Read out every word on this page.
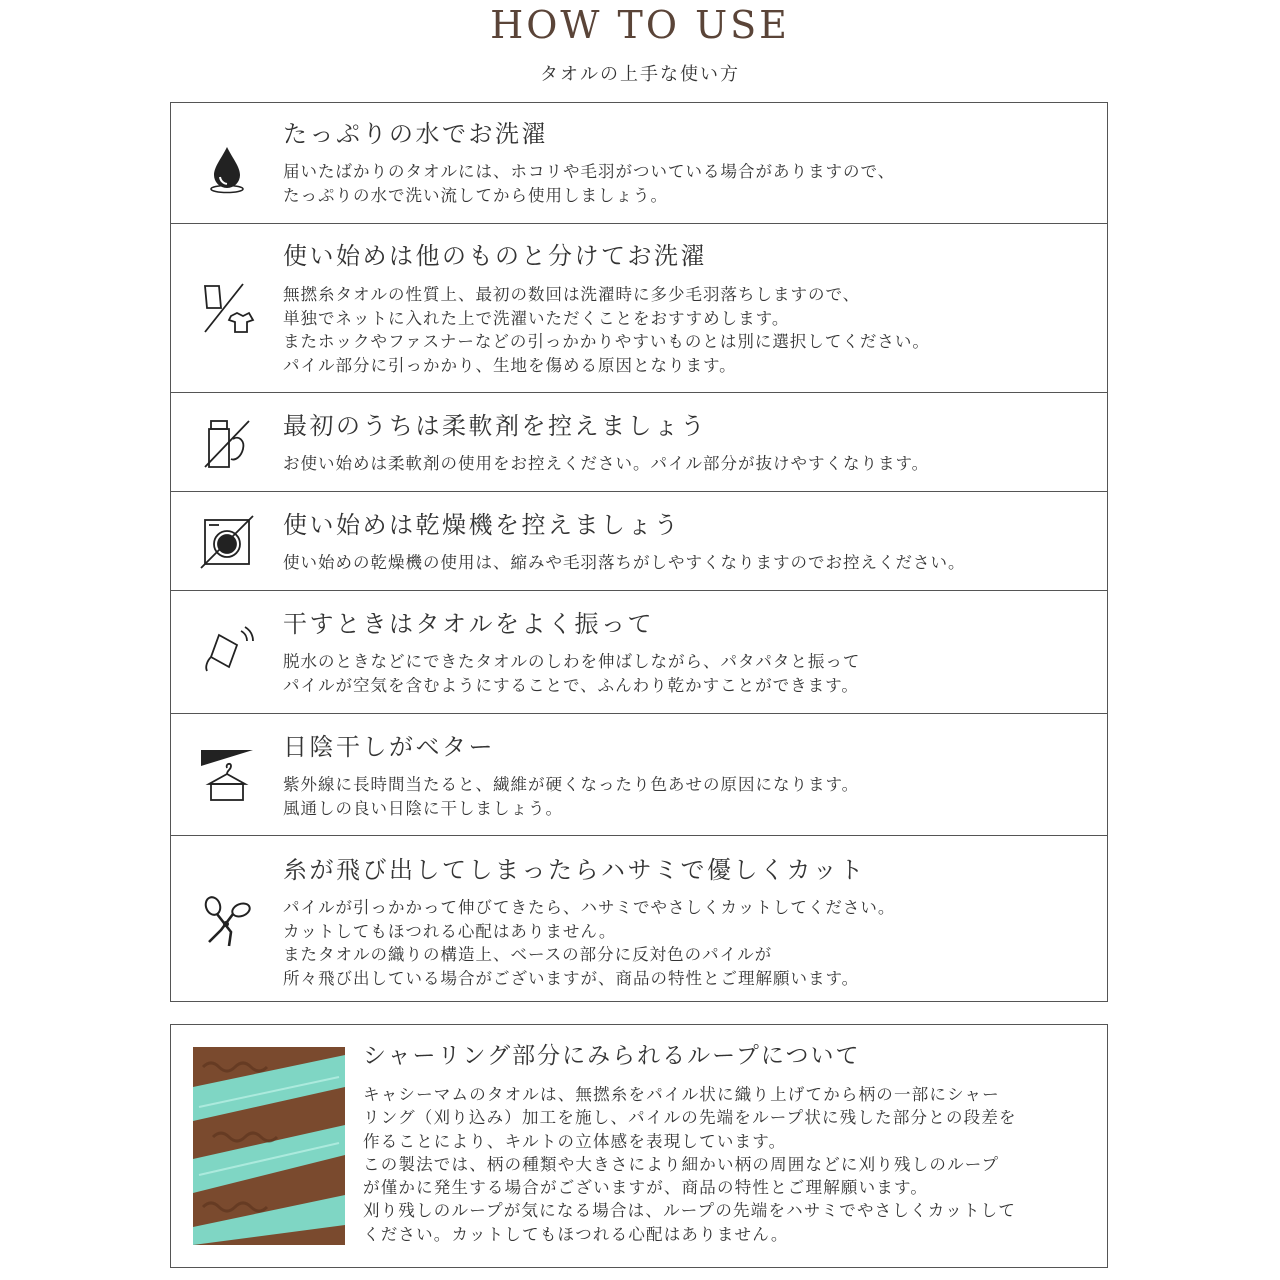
HOW TO USE
タオルの上手な使い方
たっぷりの水でお洗濯
届いたばかりのタオルには、ホコリや毛羽がついている場合がありますので、
たっぷりの水で洗い流してから使用しましょう。
使い始めは他のものと分けてお洗濯
無撚糸タオルの性質上、最初の数回は洗濯時に多少毛羽落ちしますので、
単独でネットに入れた上で洗濯いただくことをおすすめします。
またホックやファスナーなどの引っかかりやすいものとは別に選択してください。
パイル部分に引っかかり、生地を傷める原因となります。
最初のうちは柔軟剤を控えましょう
お使い始めは柔軟剤の使用をお控えください。パイル部分が抜けやすくなります。
使い始めは乾燥機を控えましょう
使い始めの乾燥機の使用は、縮みや毛羽落ちがしやすくなりますのでお控えください。
干すときはタオルをよく振って
脱水のときなどにできたタオルのしわを伸ばしながら、パタパタと振って
パイルが空気を含むようにすることで、ふんわり乾かすことができます。
日陰干しがベター
紫外線に長時間当たると、繊維が硬くなったり色あせの原因になります。
風通しの良い日陰に干しましょう。
糸が飛び出してしまったらハサミで優しくカット
パイルが引っかかって伸びてきたら、ハサミでやさしくカットしてください。
カットしてもほつれる心配はありません。
またタオルの織りの構造上、ベースの部分に反対色のパイルが
所々飛び出している場合がございますが、商品の特性とご理解願います。
シャーリング部分にみられるループについて
キャシーマムのタオルは、無撚糸をパイル状に織り上げてから柄の一部にシャー
リング（刈り込み）加工を施し、パイルの先端をループ状に残した部分との段差を
作ることにより、キルトの立体感を表現しています。
この製法では、柄の種類や大きさにより細かい柄の周囲などに刈り残しのループ
が僅かに発生する場合がございますが、商品の特性とご理解願います。
刈り残しのループが気になる場合は、ループの先端をハサミでやさしくカットして
ください。カットしてもほつれる心配はありません。
